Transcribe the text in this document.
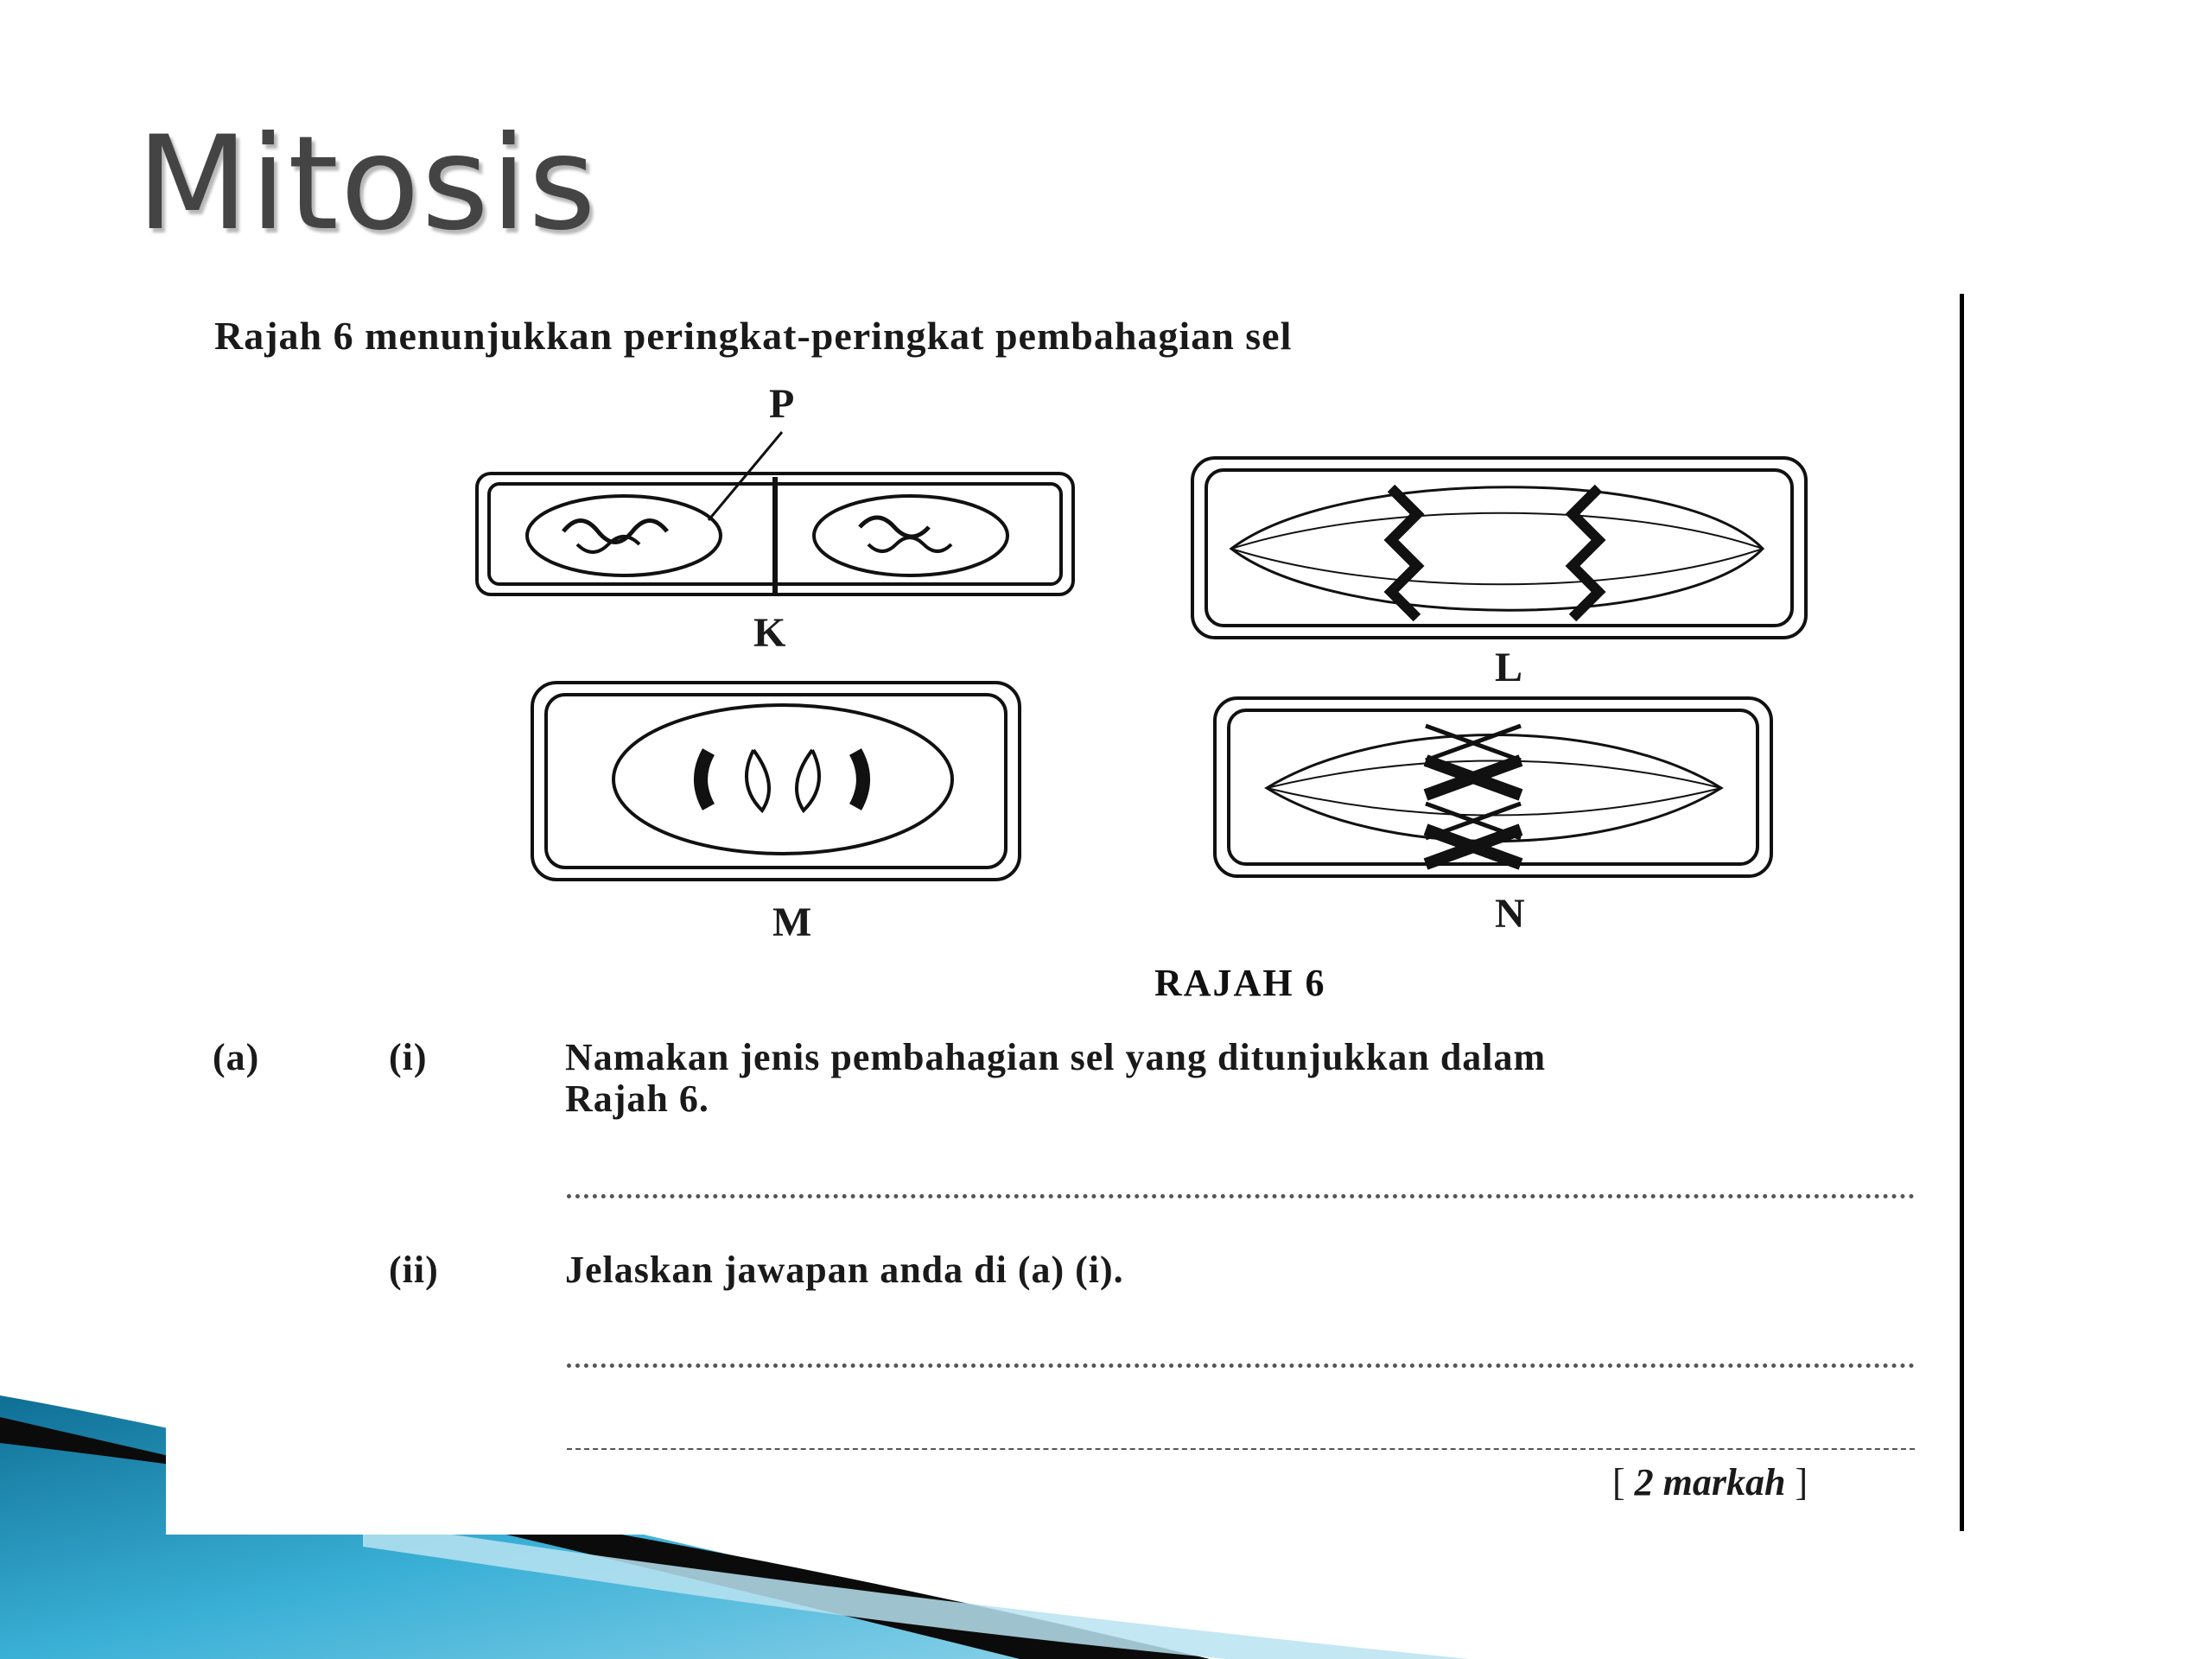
Mitosis
Rajah 6 menunjukkan peringkat-peringkat pembahagian sel
P
K
L
M	N
RAJAH 6
(a)	(i)	Namakan jenis pembahagian sel yang ditunjukkan dalam
Rajah 6.
(ii)	Jelaskan jawapan anda di (a) (i).
[ 2 markah ]
